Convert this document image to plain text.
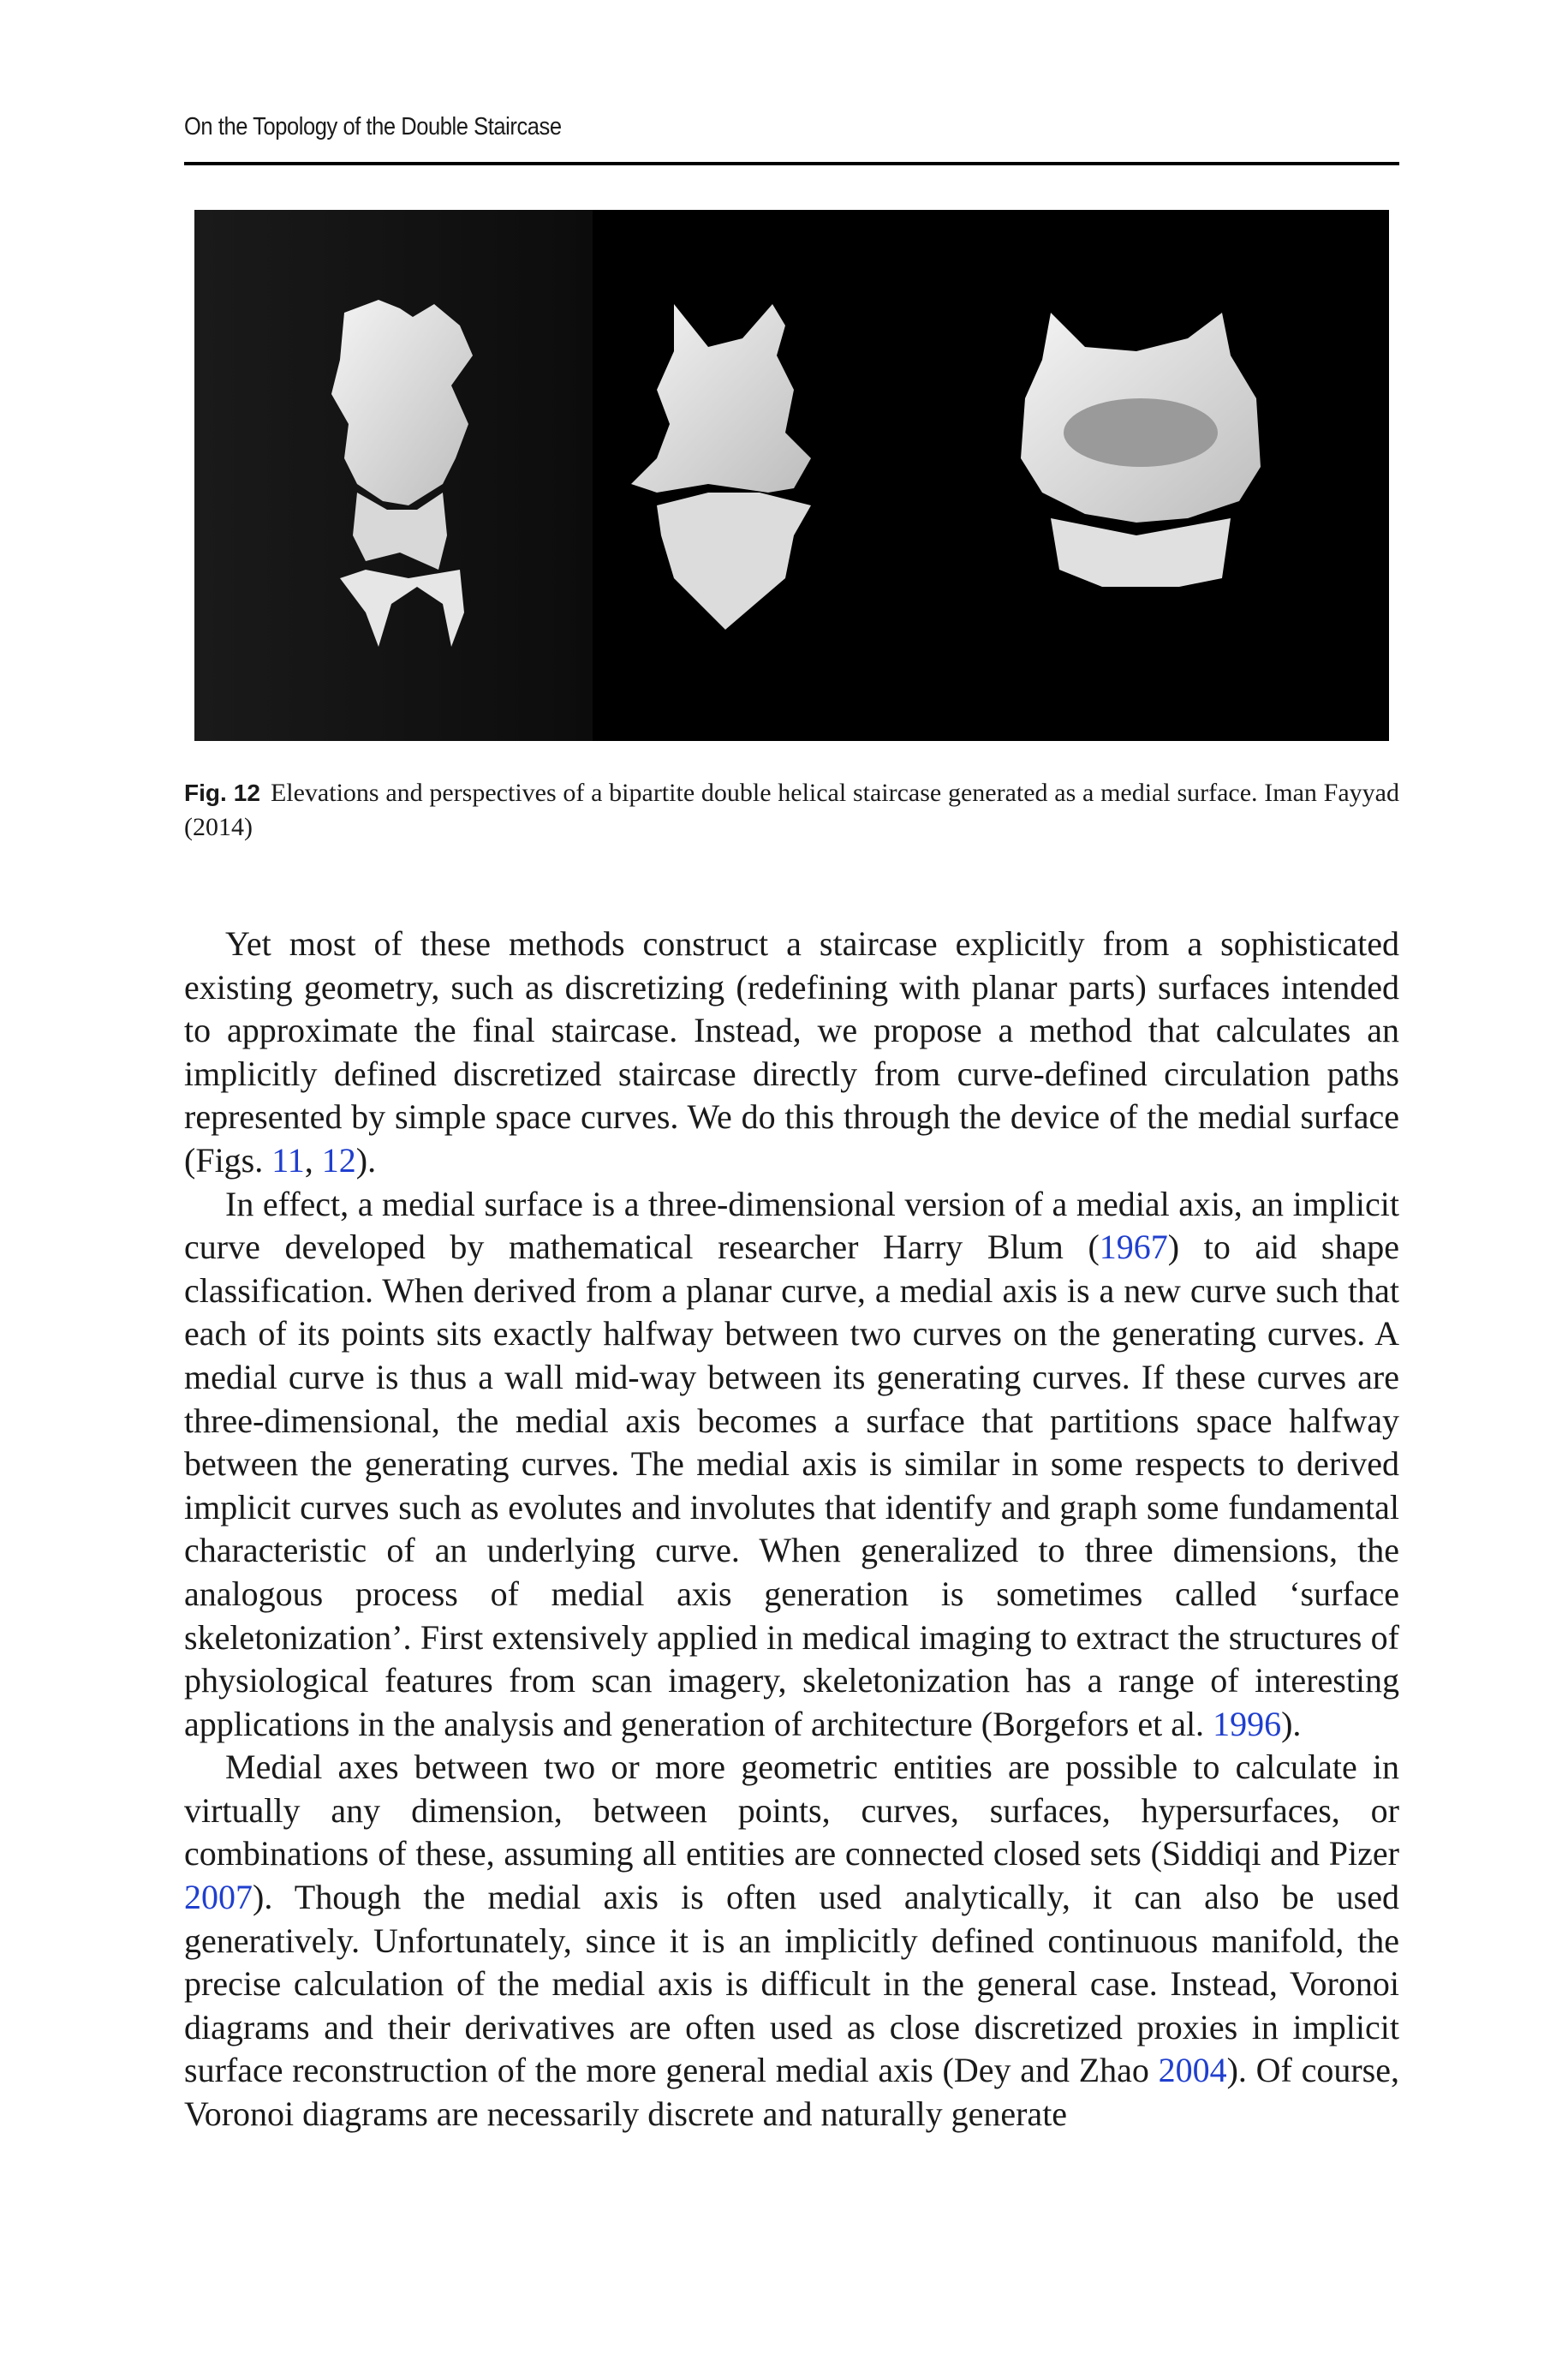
On the Topology of the Double Staircase
Fig. 12 Elevations and perspectives of a bipartite double helical staircase generated as a medial surface. Iman Fayyad (2014)

Yet most of these methods construct a staircase explicitly from a sophisticated existing geometry, such as discretizing (redefining with planar parts) surfaces intended to approximate the final staircase. Instead, we propose a method that calculates an implicitly defined discretized staircase directly from curve-defined circulation paths represented by simple space curves. We do this through the device of the medial surface (Figs. 11, 12).

In effect, a medial surface is a three-dimensional version of a medial axis, an implicit curve developed by mathematical researcher Harry Blum (1967) to aid shape classification. When derived from a planar curve, a medial axis is a new curve such that each of its points sits exactly halfway between two curves on the generating curves. A medial curve is thus a wall mid-way between its generating curves. If these curves are three-dimensional, the medial axis becomes a surface that partitions space halfway between the generating curves. The medial axis is similar in some respects to derived implicit curves such as evolutes and involutes that identify and graph some fundamental characteristic of an underlying curve. When generalized to three dimensions, the analogous process of medial axis generation is sometimes called ‘surface skeletonization’. First extensively applied in medical imaging to extract the structures of physiological features from scan imagery, skeletonization has a range of interesting applications in the analysis and generation of architecture (Borgefors et al. 1996).

Medial axes between two or more geometric entities are possible to calculate in virtually any dimension, between points, curves, surfaces, hypersurfaces, or combinations of these, assuming all entities are connected closed sets (Siddiqi and Pizer 2007). Though the medial axis is often used analytically, it can also be used generatively. Unfortunately, since it is an implicitly defined continuous manifold, the precise calculation of the medial axis is difficult in the general case. Instead, Voronoi diagrams and their derivatives are often used as close discretized proxies in implicit surface reconstruction of the more general medial axis (Dey and Zhao 2004). Of course, Voronoi diagrams are necessarily discrete and naturally generate
